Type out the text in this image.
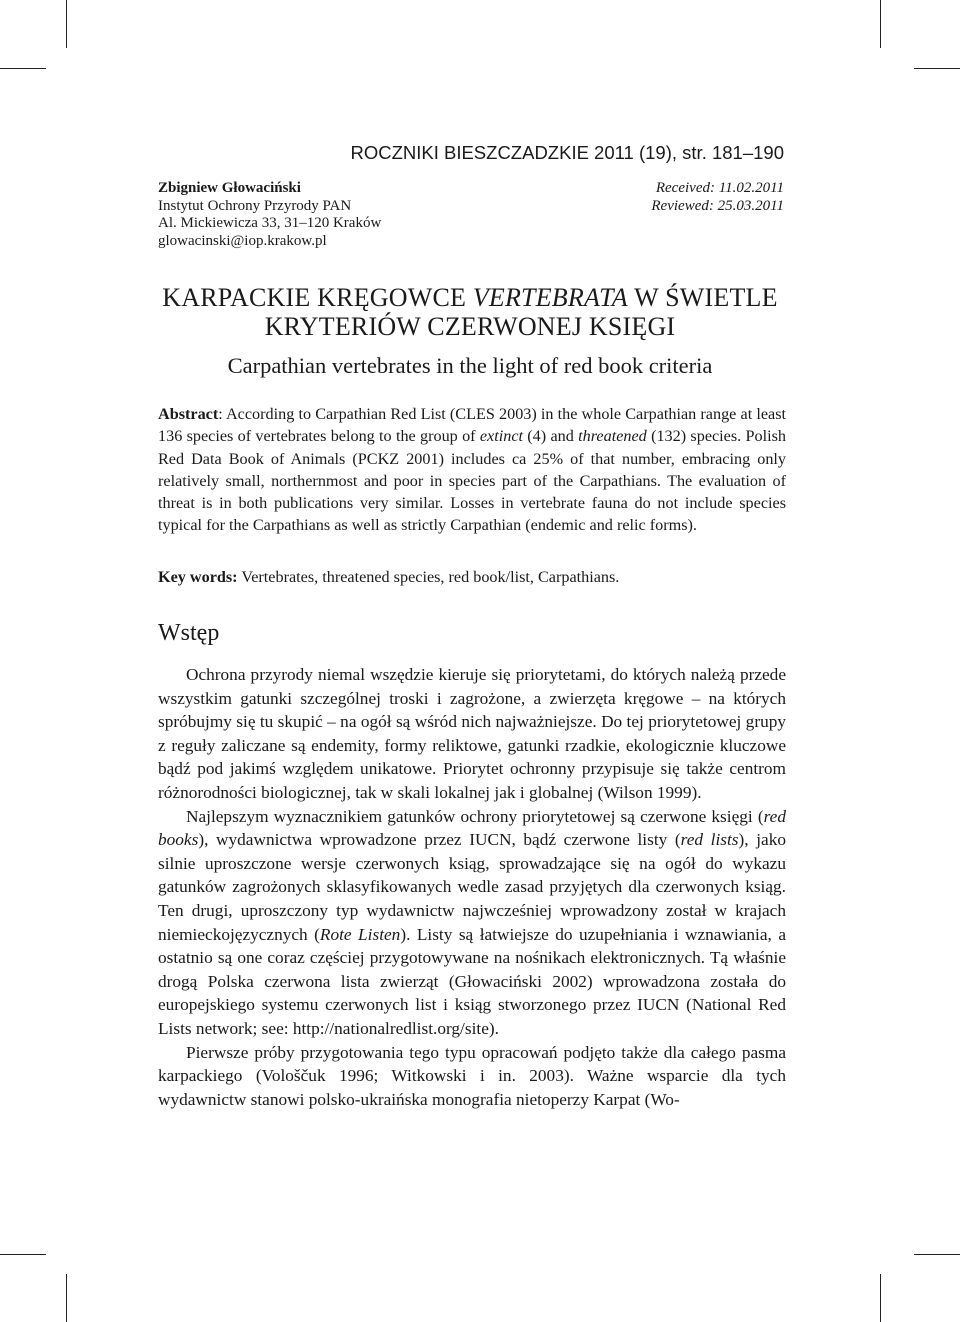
ROCZNIKI BIESZCZADZKIE 2011 (19), str. 181–190
Zbigniew Głowaciński
Instytut Ochrony Przyrody PAN
Al. Mickiewicza 33, 31–120 Kraków
glowacinski@iop.krakow.pl
Received: 11.02.2011
Reviewed: 25.03.2011
KARPACKIE KRĘGOWCE VERTEBRATA W ŚWIETLE
KRYTERIÓW CZERWONEJ KSIĘGI
Carpathian vertebrates in the light of red book criteria

Abstract: According to Carpathian Red List (CLES 2003) in the whole Carpathian range at least 136 species of vertebrates belong to the group of extinct (4) and threatened (132) species. Polish Red Data Book of Animals (PCKZ 2001) includes ca 25% of that number, embracing only relatively small, northernmost and poor in species part of the Carpathians. The evaluation of threat is in both publications very similar. Losses in vertebrate fauna do not include species typical for the Carpathians as well as strictly Carpathian (endemic and relic forms).

Key words: Vertebrates, threatened species, red book/list, Carpathians.

Wstęp

Ochrona przyrody niemal wszędzie kieruje się priorytetami, do których należą przede wszystkim gatunki szczególnej troski i zagrożone, a zwierzęta kręgowe – na których spróbujmy się tu skupić – na ogół są wśród nich najważniejsze. Do tej priorytetowej grupy z reguły zaliczane są endemity, formy reliktowe, gatunki rzadkie, ekologicznie kluczowe bądź pod jakimś względem unikatowe. Priorytet ochronny przypisuje się także centrom różnorodności biologicznej, tak w skali lokalnej jak i globalnej (Wilson 1999).

Najlepszym wyznacznikiem gatunków ochrony priorytetowej są czerwone księgi (red books), wydawnictwa wprowadzone przez IUCN, bądź czerwone listy (red lists), jako silnie uproszczone wersje czerwonych ksiąg, sprowadzające się na ogół do wykazu gatunków zagrożonych sklasyfikowanych wedle zasad przyjętych dla czerwonych ksiąg. Ten drugi, uproszczony typ wydawnictw najwcześniej wprowadzony został w krajach niemieckojęzycznych (Rote Listen). Listy są łatwiejsze do uzupełniania i wznawiania, a ostatnio są one coraz częściej przygotowywane na nośnikach elektronicznych. Tą właśnie drogą Polska czerwona lista zwierząt (Głowaciński 2002) wprowadzona została do europejskiego systemu czerwonych list i ksiąg stworzonego przez IUCN (National Red Lists network; see: http://nationalredlist.org/site).

Pierwsze próby przygotowania tego typu opracowań podjęto także dla całego pasma karpackiego (Vološčuk 1996; Witkowski i in. 2003). Ważne wsparcie dla tych wydawnictw stanowi polsko-ukraińska monografia nietoperzy Karpat (Wo-
